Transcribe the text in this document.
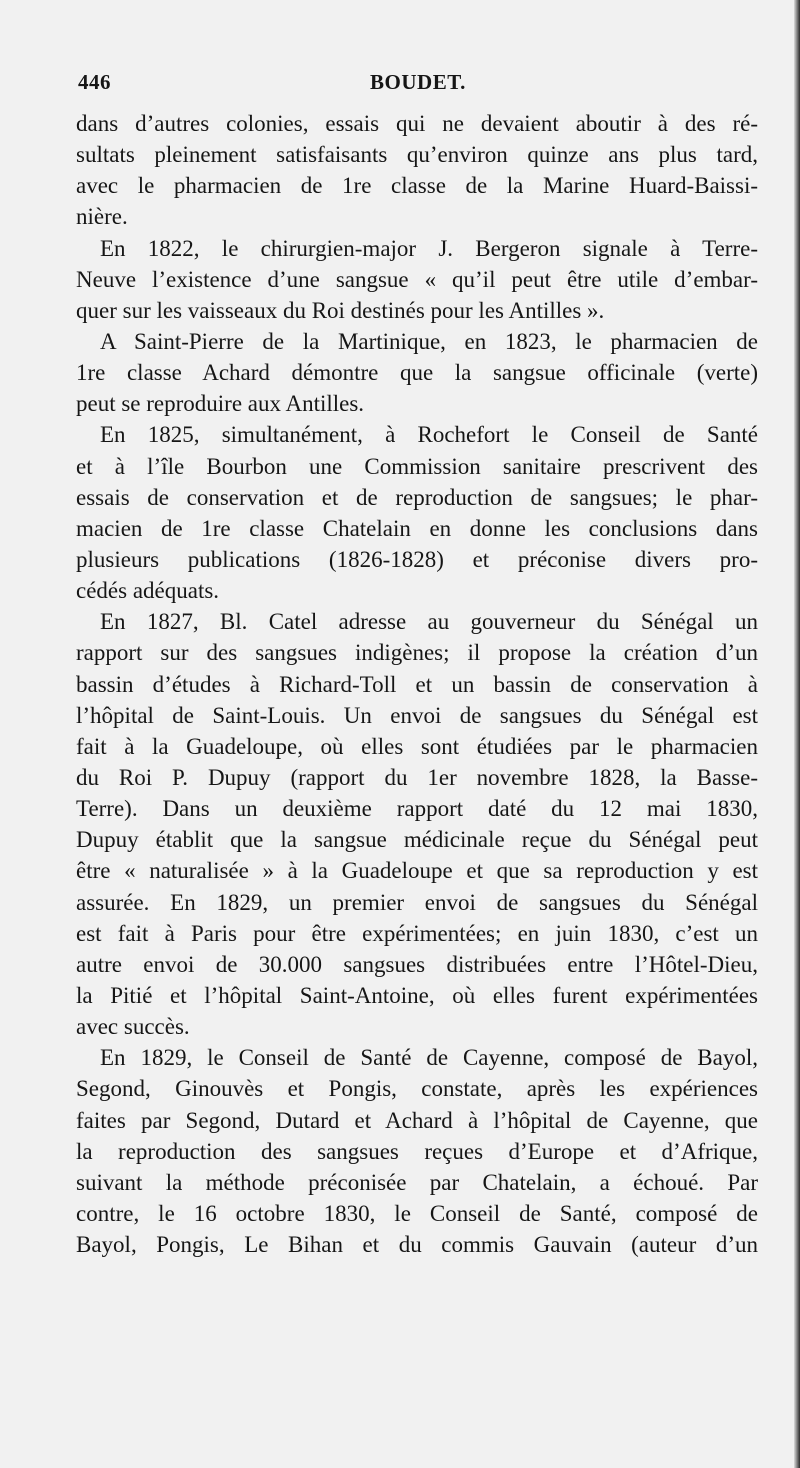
446	BOUDET.
dans d’autres colonies, essais qui ne devaient aboutir à des ré-
sultats pleinement satisfaisants qu’environ quinze ans plus tard,
avec le pharmacien de 1re classe de la Marine Huard-Baissi-
nière.
En 1822, le chirurgien-major J. Bergeron signale à Terre-
Neuve l’existence d’une sangsue « qu’il peut être utile d’embar-
quer sur les vaisseaux du Roi destinés pour les Antilles ».
A Saint-Pierre de la Martinique, en 1823, le pharmacien de
1re classe Achard démontre que la sangsue officinale (verte)
peut se reproduire aux Antilles.
En 1825, simultanément, à Rochefort le Conseil de Santé
et à l’île Bourbon une Commission sanitaire prescrivent des
essais de conservation et de reproduction de sangsues; le phar-
macien de 1re classe Chatelain en donne les conclusions dans
plusieurs publications (1826-1828) et préconise divers pro-
cédés adéquats.
En 1827, Bl. Catel adresse au gouverneur du Sénégal un
rapport sur des sangsues indigènes; il propose la création d’un
bassin d’études à Richard-Toll et un bassin de conservation à
l’hôpital de Saint-Louis. Un envoi de sangsues du Sénégal est
fait à la Guadeloupe, où elles sont étudiées par le pharmacien
du Roi P. Dupuy (rapport du 1er novembre 1828, la Basse-
Terre). Dans un deuxième rapport daté du 12 mai 1830,
Dupuy établit que la sangsue médicinale reçue du Sénégal peut
être « naturalisée » à la Guadeloupe et que sa reproduction y est
assurée. En 1829, un premier envoi de sangsues du Sénégal
est fait à Paris pour être expérimentées; en juin 1830, c’est un
autre envoi de 30.000 sangsues distribuées entre l’Hôtel-Dieu,
la Pitié et l’hôpital Saint-Antoine, où elles furent expérimentées
avec succès.
En 1829, le Conseil de Santé de Cayenne, composé de Bayol,
Segond, Ginouvès et Pongis, constate, après les expériences
faites par Segond, Dutard et Achard à l’hôpital de Cayenne, que
la reproduction des sangsues reçues d’Europe et d’Afrique,
suivant la méthode préconisée par Chatelain, a échoué. Par
contre, le 16 octobre 1830, le Conseil de Santé, composé de
Bayol, Pongis, Le Bihan et du commis Gauvain (auteur d’un
